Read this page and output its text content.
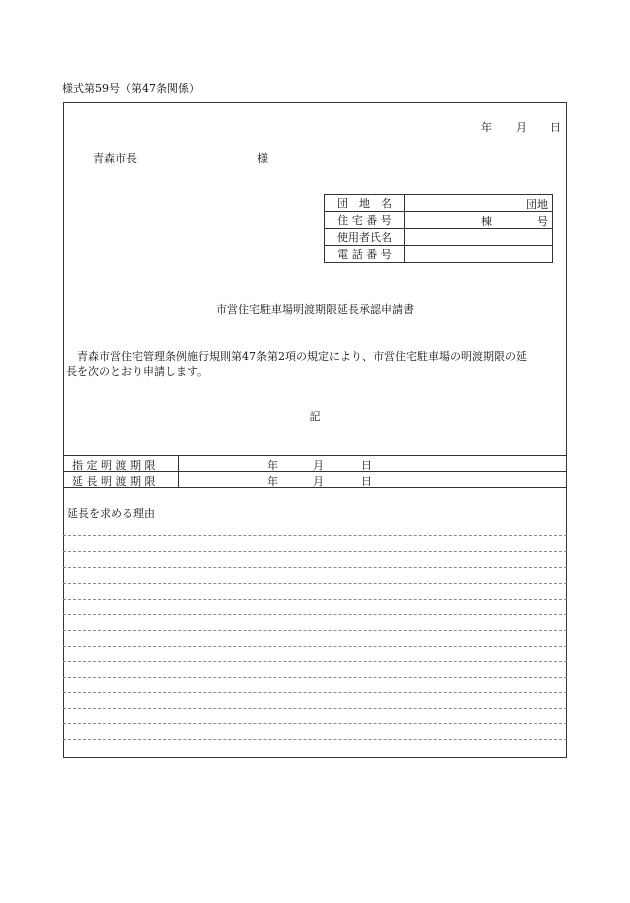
様式第59号（第47条関係）
年 月 日
青森市長	様
団　地　名	団地

住 宅 番 号	棟 号

使用者氏名	
電 話 番 号	
市営住宅駐車場明渡期限延長承認申請書
　青森市営住宅管理条例施行規則第47条第2項の規定により、市営住宅駐車場の明渡期限の延
長を次のとおり申請します。
記
指 定 明 渡 期 限	年	月	日
延 長 明 渡 期 限	年	月	日
延長を求める理由
